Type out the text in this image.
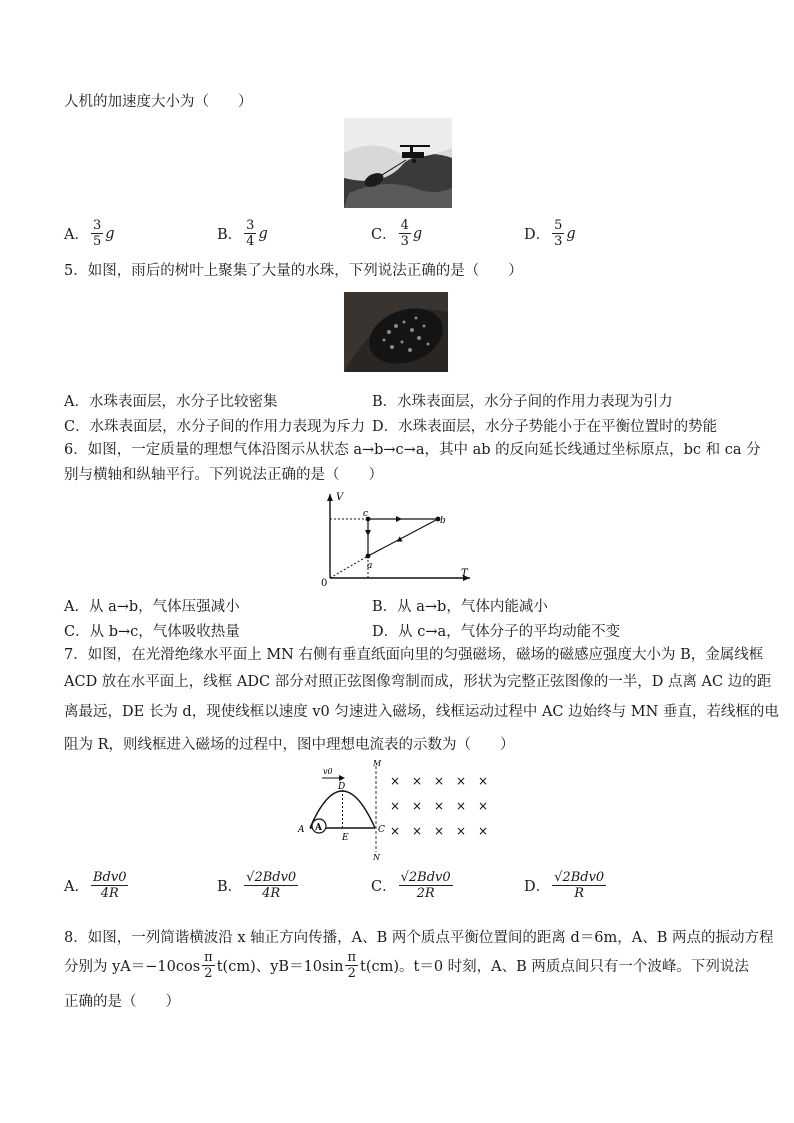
人机的加速度大小为（　　）
A． $\frac{3}{5}$ g	B． $\frac{3}{4}$ g	C． $\frac{4}{3}$ g	D． $\frac{5}{3}$ g
5．如图，雨后的树叶上聚集了大量的水珠，下列说法正确的是（　　）
A．水珠表面层，水分子比较密集	B．水珠表面层，水分子间的作用力表现为引力
C．水珠表面层，水分子间的作用力表现为斥力 D．水珠表面层，水分子势能小于在平衡位置时的势能
6．如图，一定质量的理想气体沿图示从状态 a→b→c→a，其中 ab 的反向延长线通过坐标原点，bc 和 ca 分
别与横轴和纵轴平行。下列说法正确的是（　　）
V
T
0
a
b
c
A．从 a→b，气体压强减小	B．从 a→b，气体内能减小
C．从 b→c，气体吸收热量	D．从 c→a，气体分子的平均动能不变
7．如图，在光滑绝缘水平面上 MN 右侧有垂直纸面向里的匀强磁场，磁场的磁感应强度大小为 B，金属线框
ACD 放在水平面上，线框 ADC 部分对照正弦图像弯制而成，形状为完整正弦图像的一半，D 点离 AC 边的距
离最远，DE 长为 d，现使线框以速度 v0 匀速进入磁场，线框运动过程中 AC 边始终与 MN 垂直，若线框的电
阻为 R，则线框进入磁场的过程中，图中理想电流表的示数为（　　）
v0
A
A	C
D
E
M
N
× × × × ×
× × × × ×
× × × × ×
A． $\frac{\text{Bdv0}}{4R}$	B． $\frac{\text{√2Bdv0}}{4R}$	C． $\frac{\text{√2Bdv0}}{2R}$	D． $\frac{\text{√2Bdv0}}{R}$
8．如图，一列简谐横波沿 x 轴正方向传播，A、B 两个质点平衡位置间的距离 d＝6m，A、B 两点的振动方程
分别为 $yA=-10\cos \frac{\pi}{2} t(cm)$、$yB=10\sin \frac{\pi}{2} t(cm)$。t＝0 时刻，A、B 两质点间只有一个波峰。下列说法
正确的是（　　）
